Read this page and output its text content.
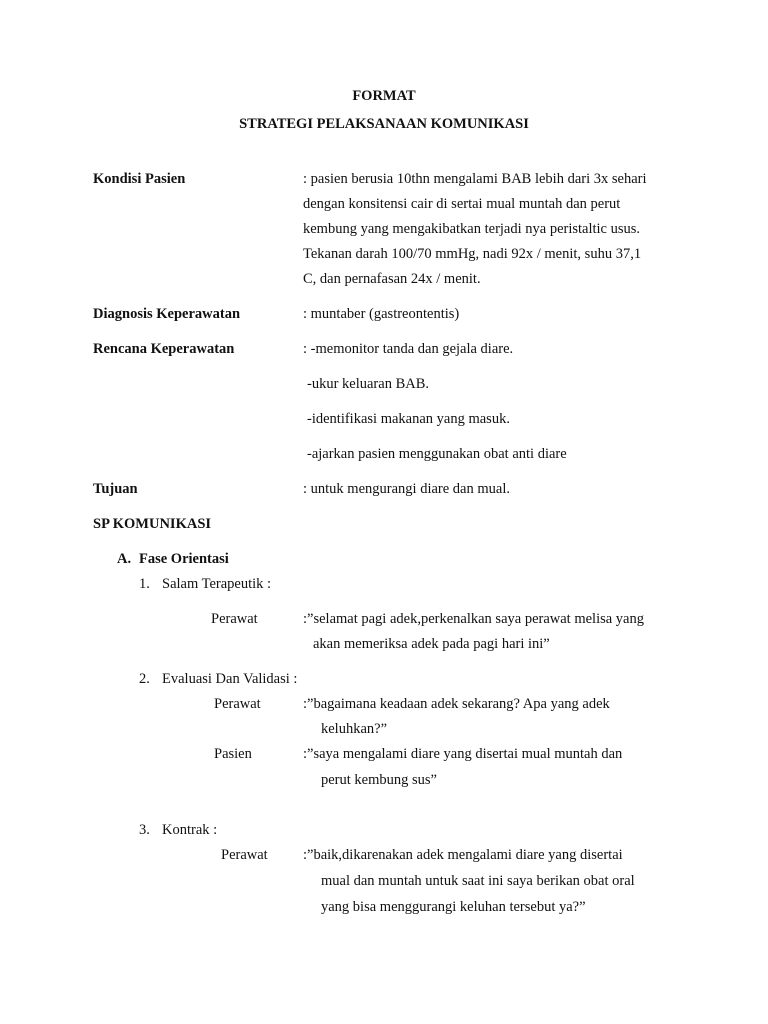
FORMAT
STRATEGI PELAKSANAAN KOMUNIKASI
Kondisi Pasien	: pasien berusia 10thn mengalami BAB lebih dari 3x sehari
dengan konsitensi cair di sertai mual muntah dan perut
kembung yang mengakibatkan terjadi nya peristaltic usus.
Tekanan darah 100/70 mmHg, nadi 92x / menit, suhu 37,1
C, dan pernafasan 24x / menit.
Diagnosis Keperawatan	: muntaber (gastreontentis)
Rencana Keperawatan	: -memonitor tanda dan gejala diare.
-ukur keluaran BAB.
-identifikasi makanan yang masuk.
-ajarkan pasien menggunakan obat anti diare
Tujuan	: untuk mengurangi diare dan mual.
SP KOMUNIKASI
A. Fase Orientasi
1. Salam Terapeutik :
Perawat	:”selamat pagi adek,perkenalkan saya perawat melisa yang
akan memeriksa adek pada pagi hari ini”
2. Evaluasi Dan Validasi :
Perawat	:”bagaimana keadaan adek sekarang? Apa yang adek
keluhkan?”
Pasien	:”saya mengalami diare yang disertai mual muntah dan
perut kembung sus”
3. Kontrak :
Perawat :”baik,dikarenakan adek mengalami diare yang disertai
mual dan muntah untuk saat ini saya berikan obat oral
yang bisa menggurangi keluhan tersebut ya?”
